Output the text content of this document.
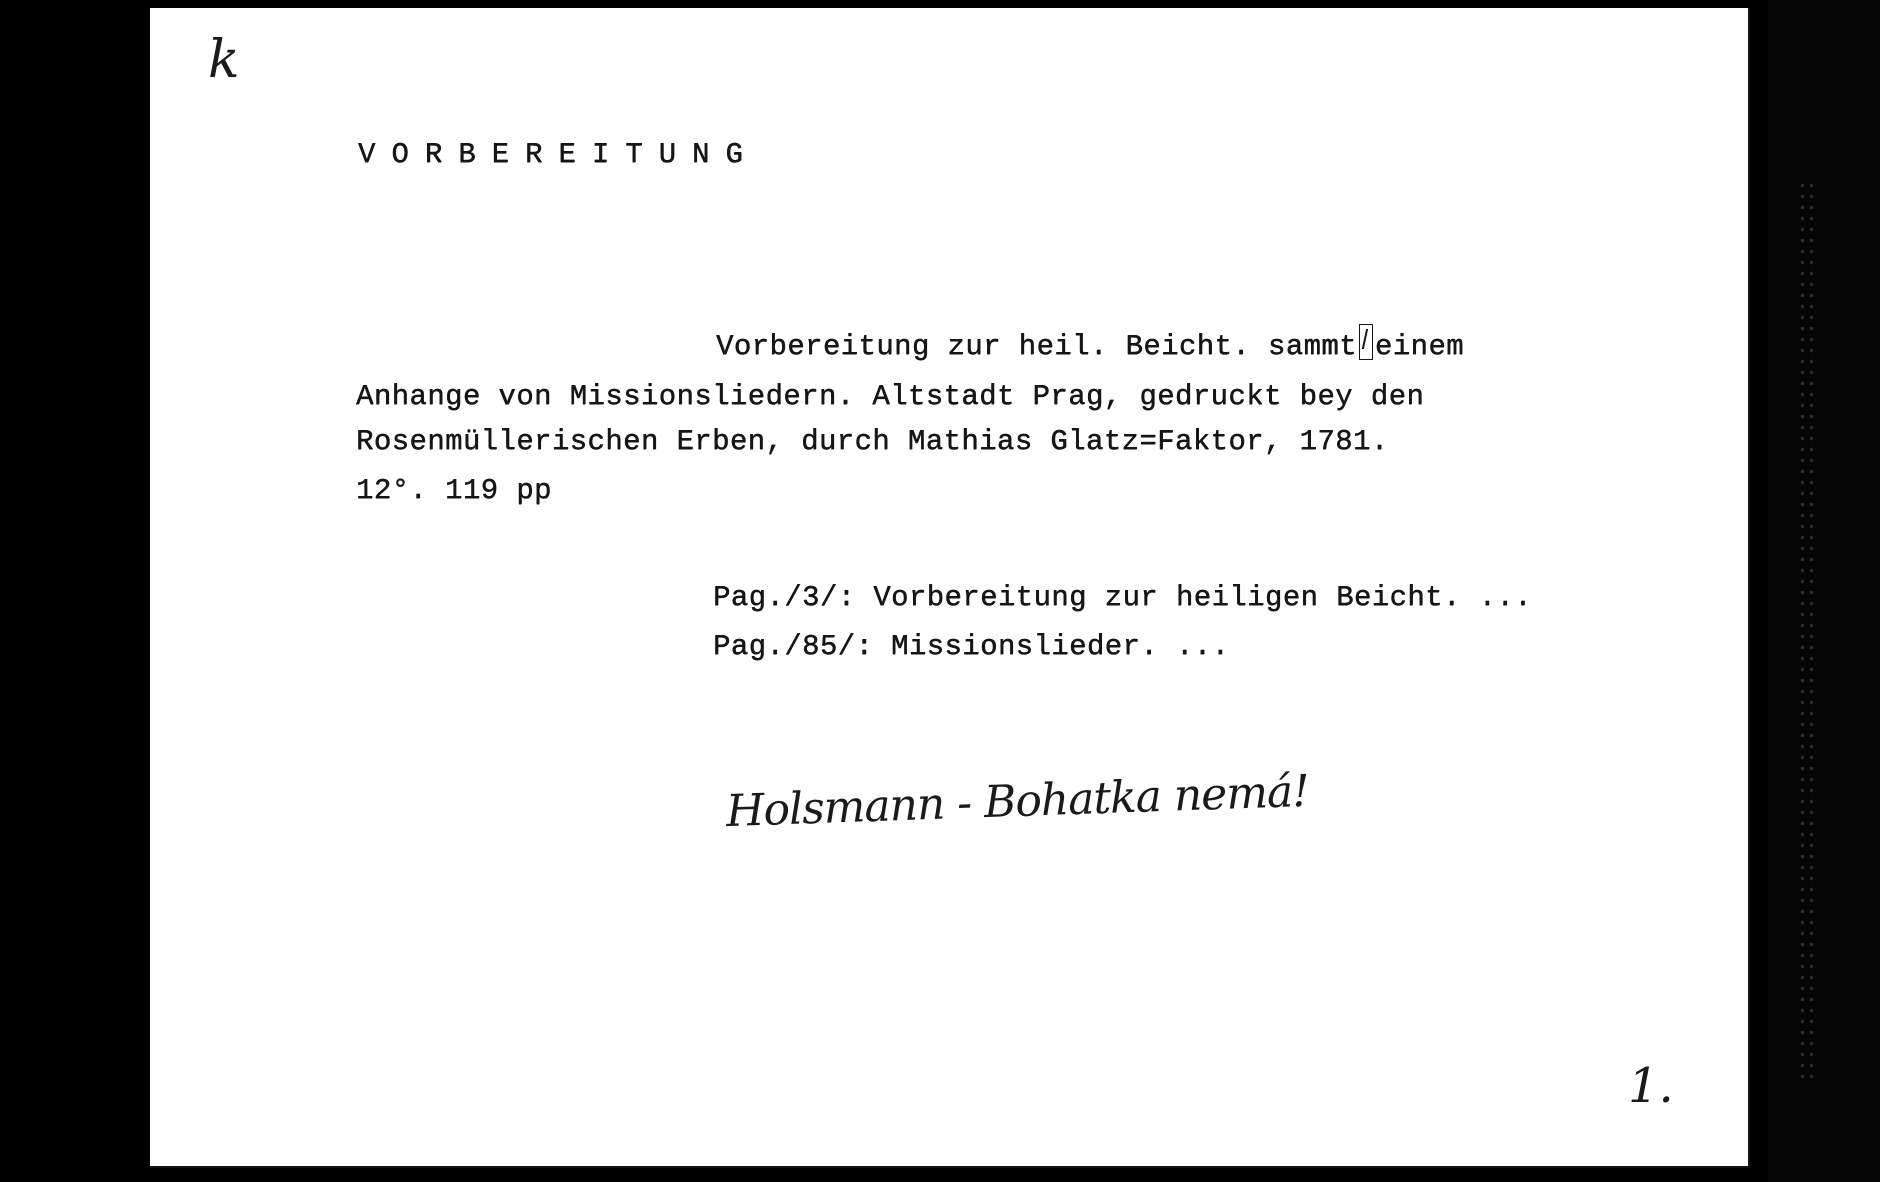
k
VORBEREITUNG
Vorbereitung zur heil. Beicht. sammt einem
Anhange von Missionsliedern. Altstadt Prag, gedruckt bey den
Rosenmüllerischen Erben, durch Mathias Glatz=Faktor, 1781.
12°. 119 pp
Pag./3/: Vorbereitung zur heiligen Beicht. ...
Pag./85/: Missionslieder. ...
Holsmann - Bohatka nemá!
1.
